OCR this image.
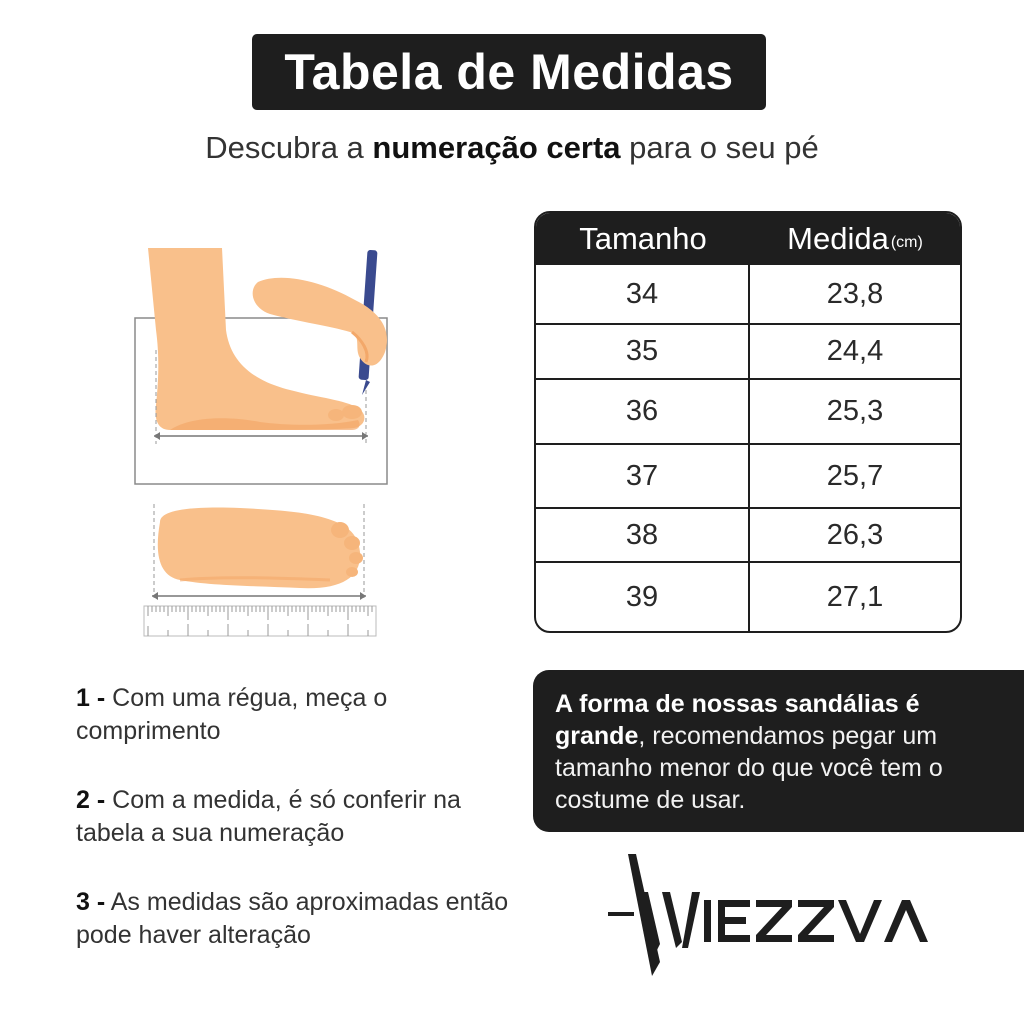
Tabela de Medidas
Descubra a numeração certa para o seu pé
Tamanho	Medida (cm)
34	23,8
35	24,4
36	25,3
37	25,7
38	26,3
39	27,1
1 - Com uma régua, meça o comprimento
2 - Com a medida, é só conferir na tabela a sua numeração
3 - As medidas são aproximadas então pode haver alteração
A forma de nossas sandálias é
grande, recomendamos pegar um tamanho menor do que você tem o costume de usar.
